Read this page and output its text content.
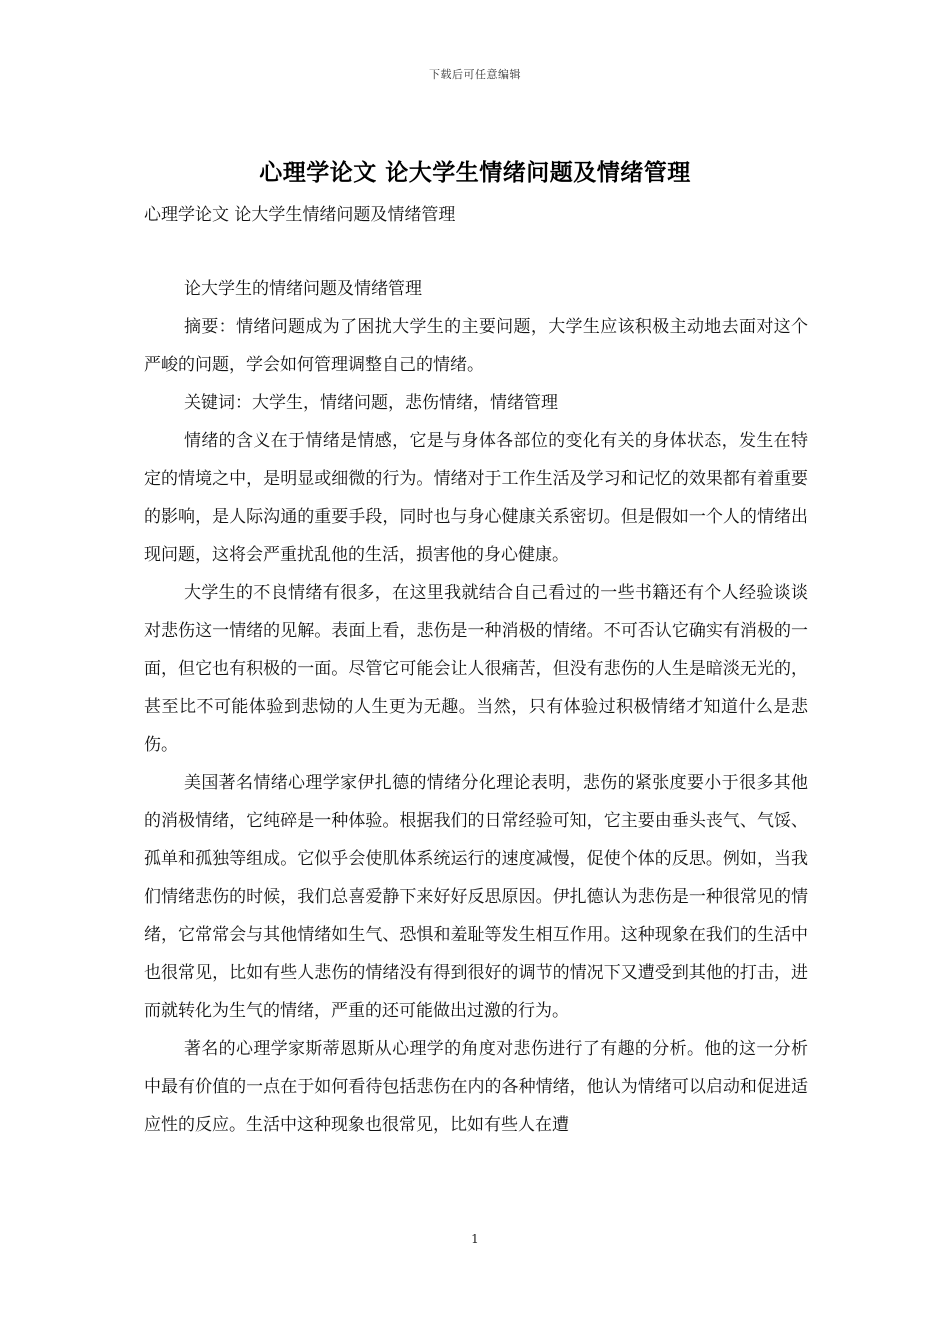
下载后可任意编辑
心理学论文 论大学生情绪问题及情绪管理
心理学论文 论大学生情绪问题及情绪管理

论大学生的情绪问题及情绪管理

摘要：情绪问题成为了困扰大学生的主要问题，大学生应该积极主动地去面对这个严峻的问题，学会如何管理调整自己的情绪。

关键词：大学生，情绪问题，悲伤情绪，情绪管理

情绪的含义在于情绪是情感，它是与身体各部位的变化有关的身体状态，发生在特定的情境之中，是明显或细微的行为。情绪对于工作生活及学习和记忆的效果都有着重要的影响，是人际沟通的重要手段，同时也与身心健康关系密切。但是假如一个人的情绪出现问题，这将会严重扰乱他的生活，损害他的身心健康。

大学生的不良情绪有很多，在这里我就结合自己看过的一些书籍还有个人经验谈谈对悲伤这一情绪的见解。表面上看，悲伤是一种消极的情绪。不可否认它确实有消极的一面，但它也有积极的一面。尽管它可能会让人很痛苦，但没有悲伤的人生是暗淡无光的，甚至比不可能体验到悲恸的人生更为无趣。当然，只有体验过积极情绪才知道什么是悲伤。

美国著名情绪心理学家伊扎德的情绪分化理论表明，悲伤的紧张度要小于很多其他的消极情绪，它纯碎是一种体验。根据我们的日常经验可知，它主要由垂头丧气、气馁、孤单和孤独等组成。它似乎会使肌体系统运行的速度减慢，促使个体的反思。例如，当我们情绪悲伤的时候，我们总喜爱静下来好好反思原因。伊扎德认为悲伤是一种很常见的情绪，它常常会与其他情绪如生气、恐惧和羞耻等发生相互作用。这种现象在我们的生活中也很常见，比如有些人悲伤的情绪没有得到很好的调节的情况下又遭受到其他的打击，进而就转化为生气的情绪，严重的还可能做出过激的行为。

著名的心理学家斯蒂恩斯从心理学的角度对悲伤进行了有趣的分析。他的这一分析中最有价值的一点在于如何看待包括悲伤在内的各种情绪，他认为情绪可以启动和促进适应性的反应。生活中这种现象也很常见，比如有些人在遭

1
